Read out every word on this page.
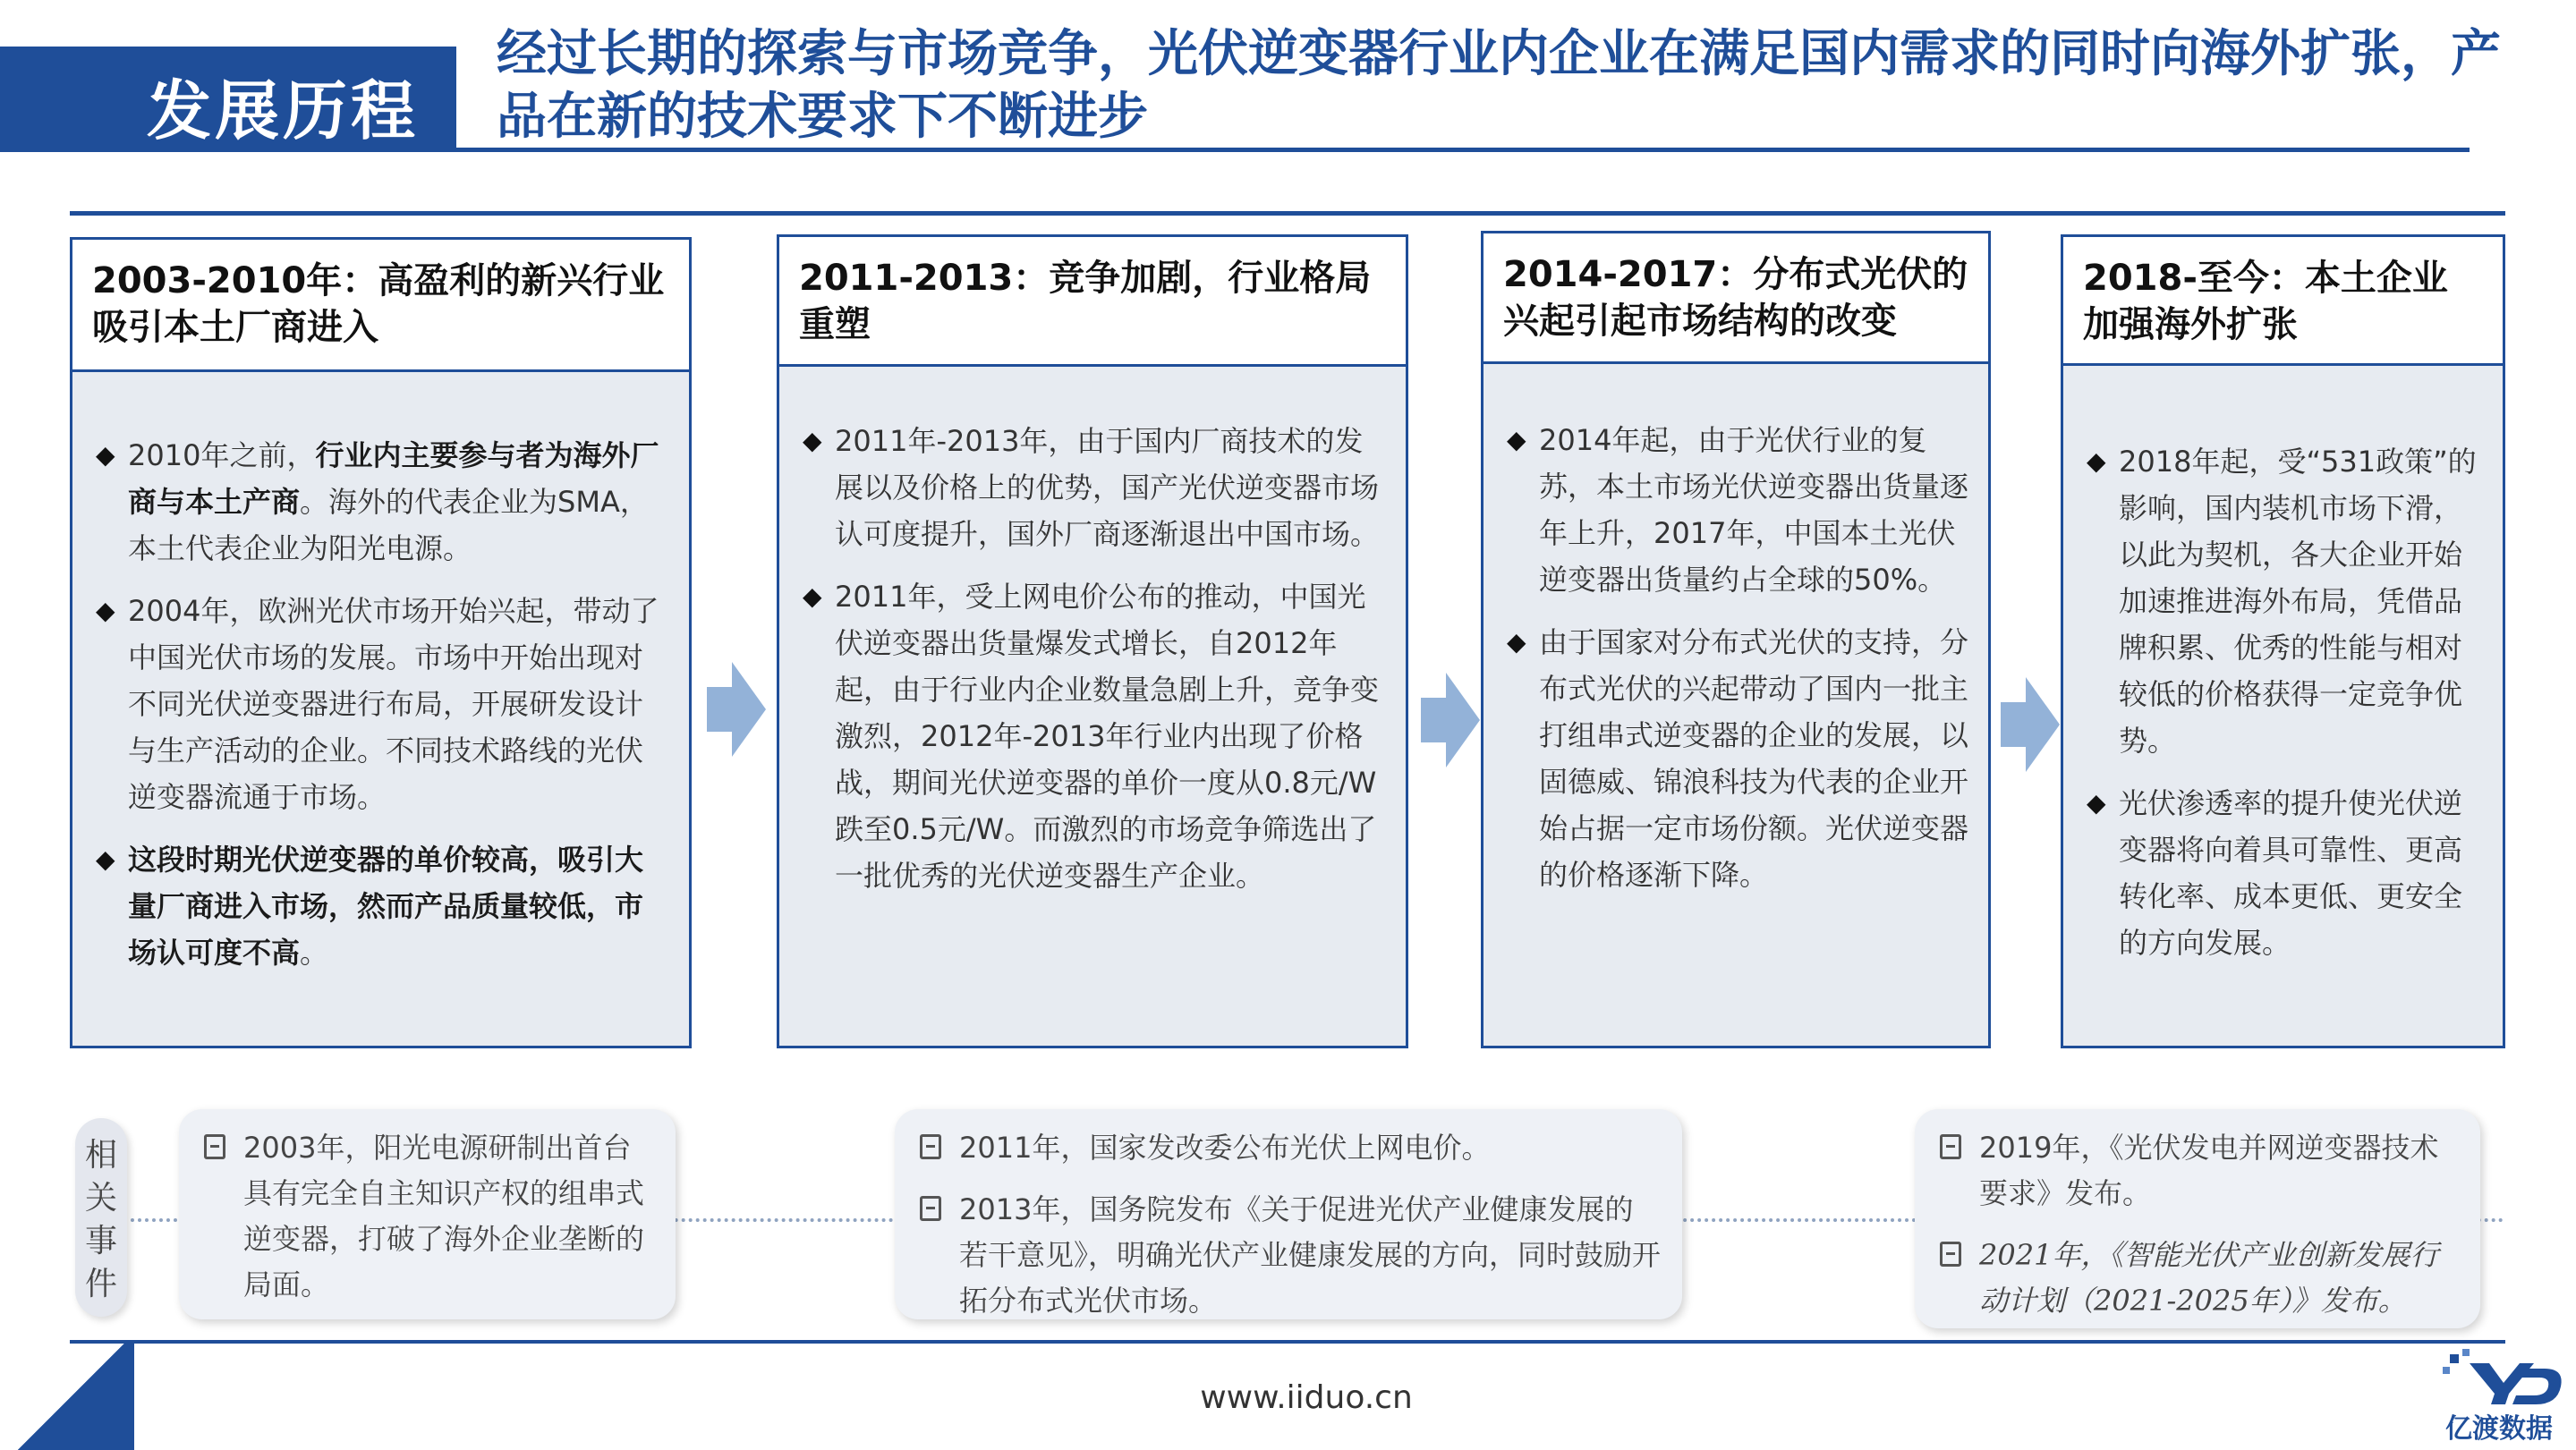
发展历程
经过长期的探索与市场竞争，光伏逆变器行业内企业在满足国内需求的同时向海外扩张，产品在新的技术要求下不断进步
2003-2010年：高盈利的新兴行业吸引本土厂商进入
◆ 2010年之前，行业内主要参与者为海外厂商与本土产商。海外的代表企业为SMA，本土代表企业为阳光电源。
◆ 2004年，欧洲光伏市场开始兴起，带动了中国光伏市场的发展。市场中开始出现对不同光伏逆变器进行布局，开展研发设计与生产活动的企业。不同技术路线的光伏逆变器流通于市场。
◆ 这段时期光伏逆变器的单价较高，吸引大量厂商进入市场，然而产品质量较低，市场认可度不高。
2011-2013：竞争加剧，行业格局重塑
◆ 2011年-2013年，由于国内厂商技术的发展以及价格上的优势，国产光伏逆变器市场认可度提升，国外厂商逐渐退出中国市场。
◆ 2011年，受上网电价公布的推动，中国光伏逆变器出货量爆发式增长，自2012年起，由于行业内企业数量急剧上升，竞争变激烈，2012年-2013年行业内出现了价格战，期间光伏逆变器的单价一度从0.8元/W跌至0.5元/W。而激烈的市场竞争筛选出了一批优秀的光伏逆变器生产企业。
2014-2017：分布式光伏的兴起引起市场结构的改变
◆ 2014年起，由于光伏行业的复苏，本土市场光伏逆变器出货量逐年上升，2017年，中国本土光伏逆变器出货量约占全球的50%。
◆ 由于国家对分布式光伏的支持，分布式光伏的兴起带动了国内一批主打组串式逆变器的企业的发展，以固德威、锦浪科技为代表的企业开始占据一定市场份额。光伏逆变器的价格逐渐下降。
2018-至今：本土企业加强海外扩张
◆ 2018年起，受“531政策”的影响，国内装机市场下滑，以此为契机，各大企业开始加速推进海外布局，凭借品牌积累、优秀的性能与相对较低的价格获得一定竞争优势。
◆ 光伏渗透率的提升使光伏逆变器将向着具可靠性、更高转化率、成本更低、更安全的方向发展。
相关事件
2003年，阳光电源研制出首台具有完全自主知识产权的组串式逆变器，打破了海外企业垄断的局面。
2011年，国家发改委公布光伏上网电价。
2013年，国务院发布《关于促进光伏产业健康发展的若干意见》，明确光伏产业健康发展的方向，同时鼓励开拓分布式光伏市场。
2019年，《光伏发电并网逆变器技术要求》发布。
2021年，《智能光伏产业创新发展行动计划（2021-2025年）》发布。
www.iiduo.cn
亿渡数据
